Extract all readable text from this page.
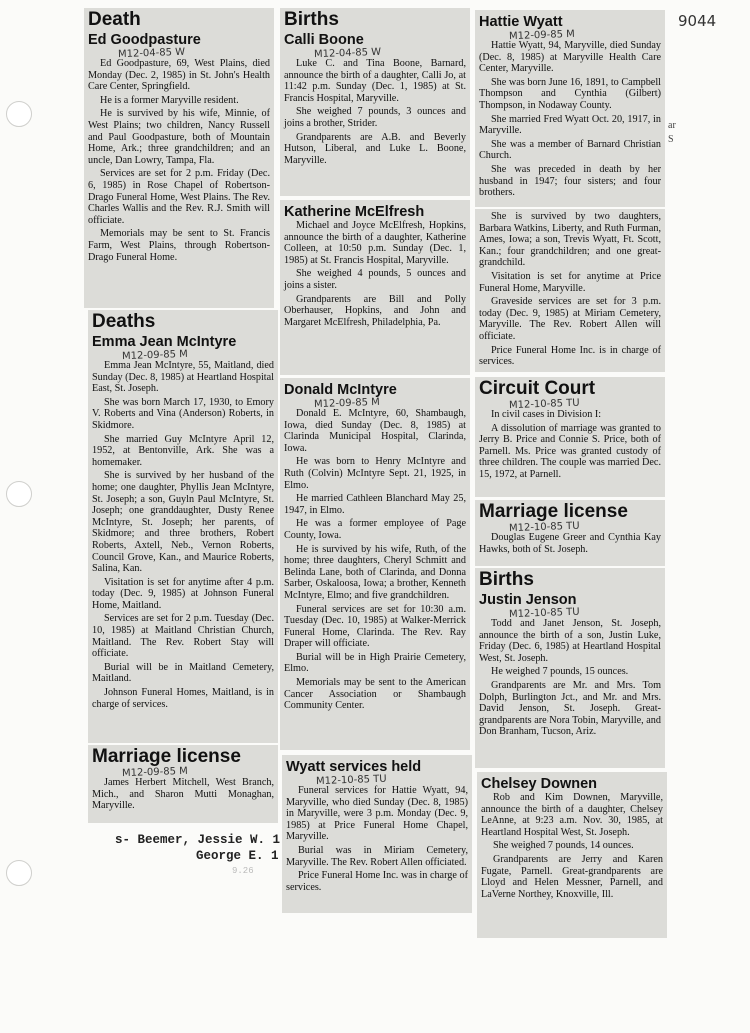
9044
Death
Ed Goodpasture
M12-04-85 W

Ed Goodpasture, 69, West Plains, died Monday (Dec. 2, 1985) in St. John's Health Care Center, Springfield.

He is a former Maryville resident.

He is survived by his wife, Minnie, of West Plains; two children, Nancy Russell and Paul Goodpasture, both of Mountain Home, Ark.; three grandchildren; and an uncle, Dan Lowry, Tampa, Fla.

Services are set for 2 p.m. Friday (Dec. 6, 1985) in Rose Chapel of Robertson-Drago Funeral Home, West Plains. The Rev. Charles Wallis and the Rev. R.J. Smith will officiate.

Memorials may be sent to St. Francis Farm, West Plains, through Robertson-Drago Funeral Home.

Deaths
Emma Jean McIntyre
M12-09-85 M

Emma Jean McIntyre, 55, Maitland, died Sunday (Dec. 8, 1985) at Heartland Hospital East, St. Joseph.

She was born March 17, 1930, to Emory V. Roberts and Vina (Anderson) Roberts, in Skidmore.

She married Guy McIntyre April 12, 1952, at Bentonville, Ark. She was a homemaker.

She is survived by her husband of the home; one daughter, Phyllis Jean McIntyre, St. Joseph; a son, Guyln Paul McIntyre, St. Joseph; one granddaughter, Dusty Renee McIntyre, St. Joseph; her parents, of Skidmore; and three brothers, Robert Roberts, Axtell, Neb., Vernon Roberts, Council Grove, Kan., and Maurice Roberts, Salina, Kan.

Visitation is set for anytime after 4 p.m. today (Dec. 9, 1985) at Johnson Funeral Home, Maitland.

Services are set for 2 p.m. Tuesday (Dec. 10, 1985) at Maitland Christian Church, Maitland. The Rev. Robert Stay will officiate.

Burial will be in Maitland Cemetery, Maitland.

Johnson Funeral Homes, Maitland, is in charge of services.

Marriage license
M12-09-85 M

James Herbert Mitchell, West Branch, Mich., and Sharon Mutti Monaghan, Maryville.

s- Beemer, Jessie W. 1
George E. 1
9.26
Births
Calli Boone
M12-04-85 W

Luke C. and Tina Boone, Barnard, announce the birth of a daughter, Calli Jo, at 11:42 p.m. Sunday (Dec. 1, 1985) at St. Francis Hospital, Maryville.

She weighed 7 pounds, 3 ounces and joins a brother, Strider.

Grandparents are A.B. and Beverly Hutson, Liberal, and Luke L. Boone, Maryville.

Katherine McElfresh

Michael and Joyce McElfresh, Hopkins, announce the birth of a daughter, Katherine Colleen, at 10:50 p.m. Sunday (Dec. 1, 1985) at St. Francis Hospital, Maryville.

She weighed 4 pounds, 5 ounces and joins a sister.

Grandparents are Bill and Polly Oberhauser, Hopkins, and John and Margaret McElfresh, Philadelphia, Pa.

Donald McIntyre
M12-09-85 M

Donald E. McIntyre, 60, Shambaugh, Iowa, died Sunday (Dec. 8, 1985) at Clarinda Municipal Hospital, Clarinda, Iowa.

He was born to Henry McIntyre and Ruth (Colvin) McIntyre Sept. 21, 1925, in Elmo.

He married Cathleen Blanchard May 25, 1947, in Elmo.

He was a former employee of Page County, Iowa.

He is survived by his wife, Ruth, of the home; three daughters, Cheryl Schmitt and Belinda Lane, both of Clarinda, and Donna Sarber, Oskaloosa, Iowa; a brother, Kenneth McIntyre, Elmo; and five grandchildren.

Funeral services are set for 10:30 a.m. Tuesday (Dec. 10, 1985) at Walker-Merrick Funeral Home, Clarinda. The Rev. Ray Draper will officiate.

Burial will be in High Prairie Cemetery, Elmo.

Memorials may be sent to the American Cancer Association or Shambaugh Community Center.

Wyatt services held
M12-10-85 TU

Funeral services for Hattie Wyatt, 94, Maryville, who died Sunday (Dec. 8, 1985) in Maryville, were 3 p.m. Monday (Dec. 9, 1985) at Price Funeral Home Chapel, Maryville.

Burial was in Miriam Cemetery, Maryville. The Rev. Robert Allen officiated.

Price Funeral Home Inc. was in charge of services.

Hattie Wyatt
M12-09-85 M

Hattie Wyatt, 94, Maryville, died Sunday (Dec. 8, 1985) at Maryville Health Care Center, Maryville.

She was born June 16, 1891, to Campbell Thompson and Cynthia (Gilbert) Thompson, in Nodaway County.

She married Fred Wyatt Oct. 20, 1917, in Maryville.

She was a member of Barnard Christian Church.

She was preceded in death by her husband in 1947; four sisters; and four brothers.

She is survived by two daughters, Barbara Watkins, Liberty, and Ruth Furman, Ames, Iowa; a son, Trevis Wyatt, Ft. Scott, Kan.; four grandchildren; and one great-grandchild.

Visitation is set for anytime at Price Funeral Home, Maryville.

Graveside services are set for 3 p.m. today (Dec. 9, 1985) at Miriam Cemetery, Maryville. The Rev. Robert Allen will officiate.

Price Funeral Home Inc. is in charge of services.

Circuit Court
M12-10-85 TU

In civil cases in Division I:

A dissolution of marriage was granted to Jerry B. Price and Connie S. Price, both of Parnell. Ms. Price was granted custody of three children. The couple was married Dec. 15, 1972, at Parnell.

Marriage license
M12-10-85 TU

Douglas Eugene Greer and Cynthia Kay Hawks, both of St. Joseph.

Births
Justin Jenson
M12-10-85 TU

Todd and Janet Jenson, St. Joseph, announce the birth of a son, Justin Luke, Friday (Dec. 6, 1985) at Heartland Hospital West, St. Joseph.

He weighed 7 pounds, 15 ounces.

Grandparents are Mr. and Mrs. Tom Dolph, Burlington Jct., and Mr. and Mrs. David Jenson, St. Joseph. Great-grandparents are Nora Tobin, Maryville, and Don Branham, Tucson, Ariz.

Chelsey Downen

Rob and Kim Downen, Maryville, announce the birth of a daughter, Chelsey LeAnne, at 9:23 a.m. Nov. 30, 1985, at Heartland Hospital West, St. Joseph.

She weighed 7 pounds, 14 ounces.

Grandparents are Jerry and Karen Fugate, Parnell. Great-grandparents are Lloyd and Helen Messner, Parnell, and LaVerne Northey, Knoxville, Ill.

ar
S
